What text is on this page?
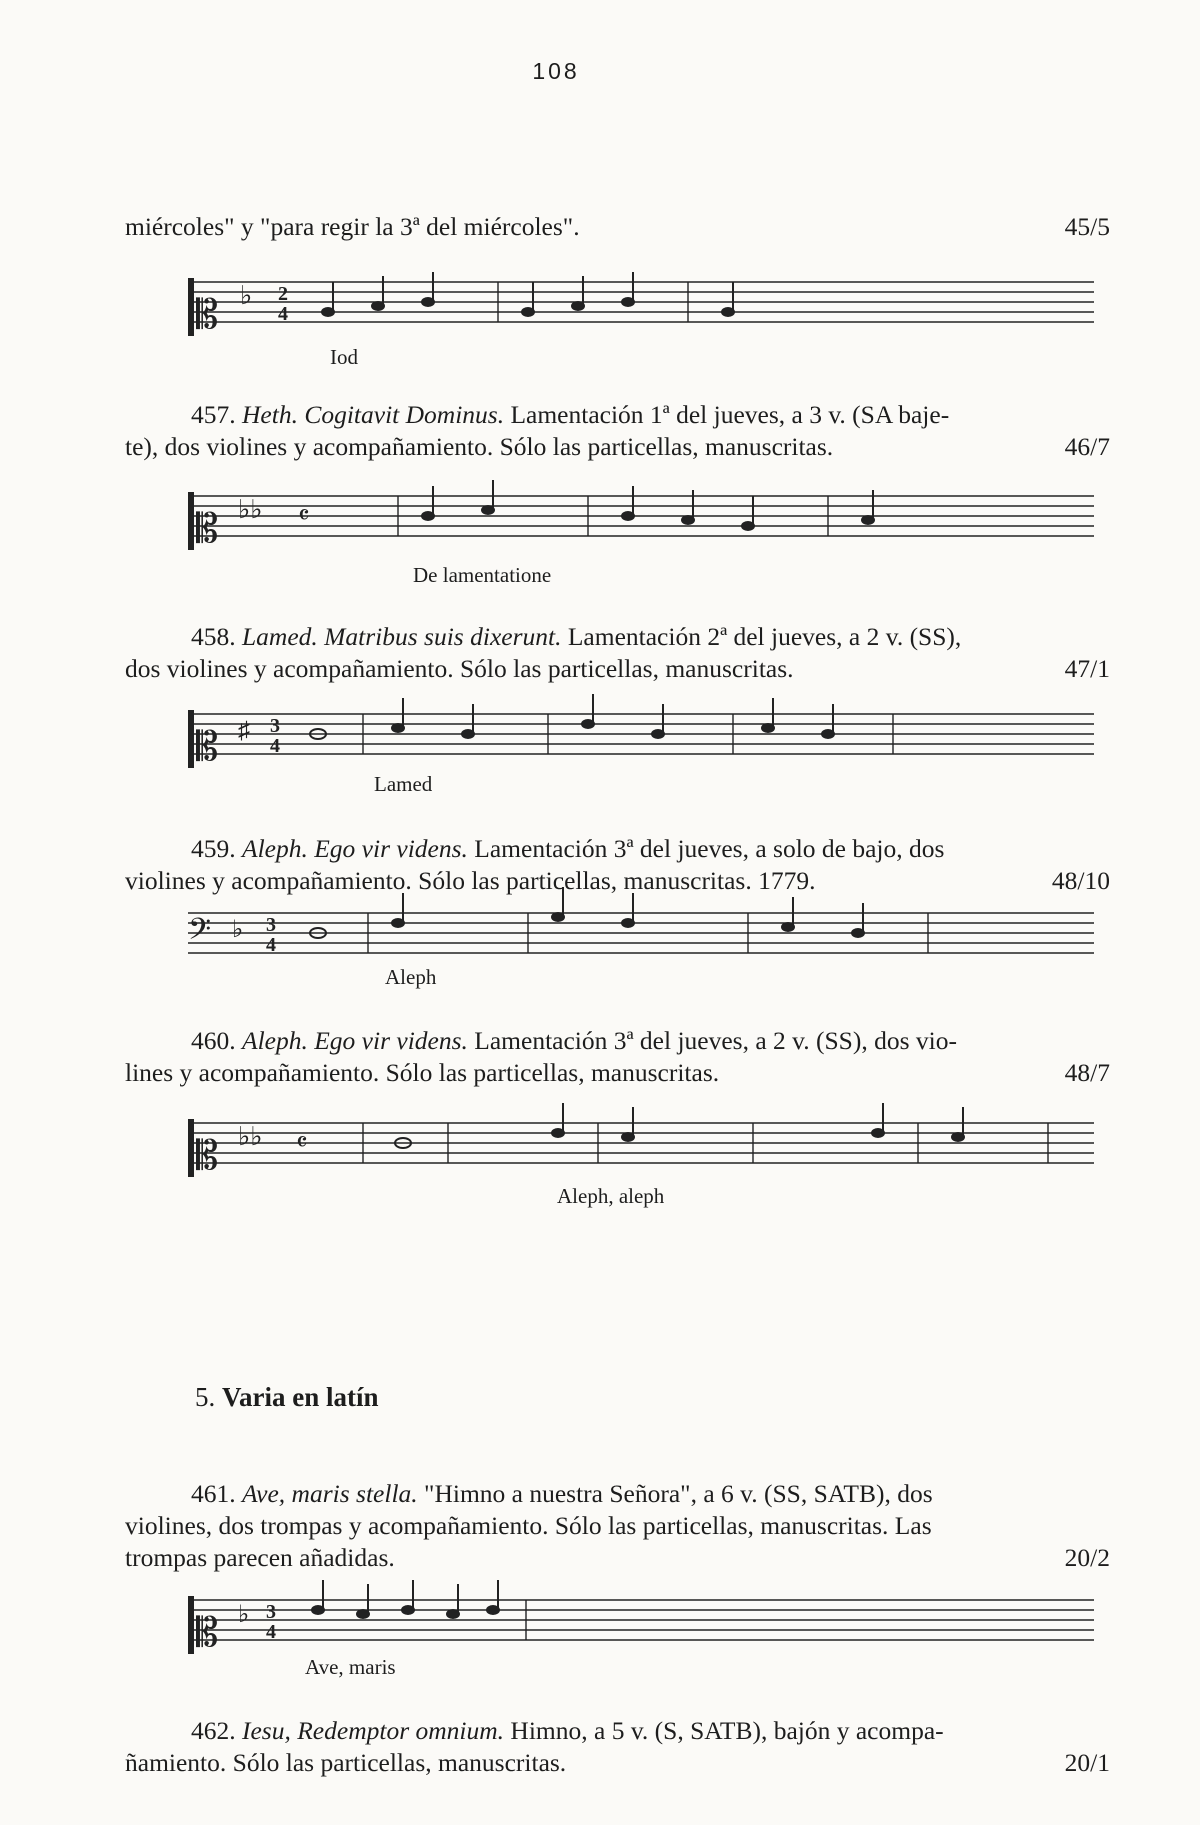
108
miércoles" y "para regir la 3ª del miércoles".	45/5
𝄡 ♭ 2
4
Iod
457. Heth. Cogitavit Dominus. Lamentación 1ª del jueves, a 3 v. (SA baje-
te), dos violines y acompañamiento. Sólo las particellas, manuscritas.	46/7
𝄡 ♭♭ 𝄴
De lamentatione
458. Lamed. Matribus suis dixerunt. Lamentación 2ª del jueves, a 2 v. (SS),
dos violines y acompañamiento. Sólo las particellas, manuscritas.	47/1
𝄡 ♯ 3
4
Lamed
459. Aleph. Ego vir videns. Lamentación 3ª del jueves, a solo de bajo, dos
violines y acompañamiento. Sólo las particellas, manuscritas. 1779.	48/10
𝄢 ♭ 3
4
Aleph
460. Aleph. Ego vir videns. Lamentación 3ª del jueves, a 2 v. (SS), dos vio-
lines y acompañamiento. Sólo las particellas, manuscritas.	48/7
𝄡 ♭♭ 𝄴
Aleph, aleph
5. Varia en latín
461. Ave, maris stella. "Himno a nuestra Señora", a 6 v. (SS, SATB), dos
violines, dos trompas y acompañamiento. Sólo las particellas, manuscritas. Las
trompas parecen añadidas.	20/2
𝄡 ♭ 3
4
Ave, maris
462. Iesu, Redemptor omnium. Himno, a 5 v. (S, SATB), bajón y acompa-
ñamiento. Sólo las particellas, manuscritas.	20/1
